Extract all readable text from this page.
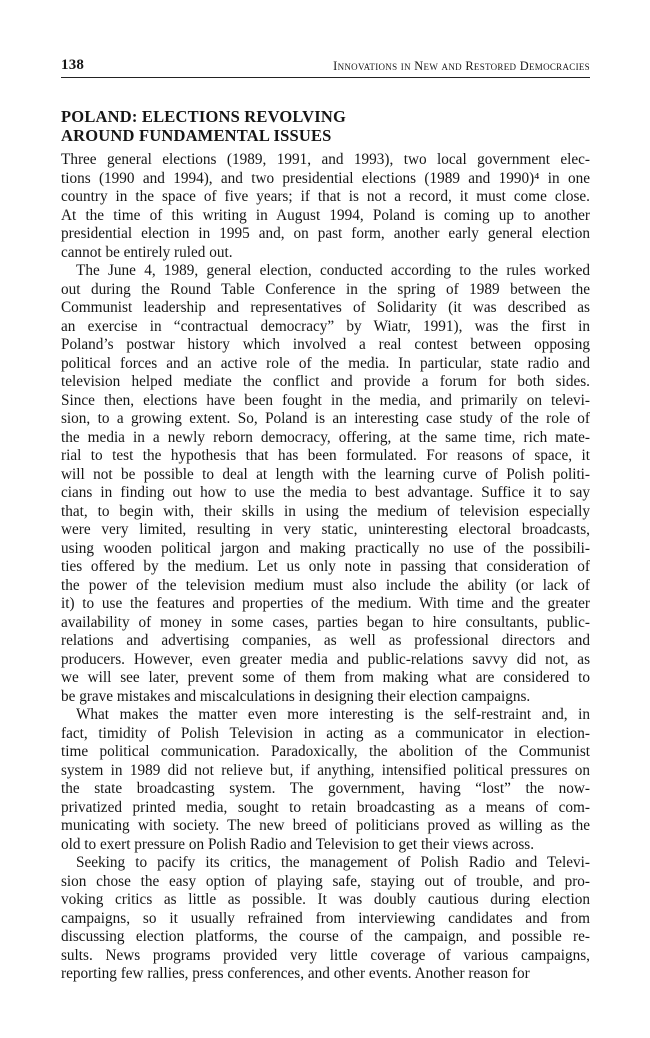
138	Innovations in New and Restored Democracies
POLAND: ELECTIONS REVOLVING
AROUND FUNDAMENTAL ISSUES
Three general elections (1989, 1991, and 1993), two local government elec-
tions (1990 and 1994), and two presidential elections (1989 and 1990)⁴ in one
country in the space of five years; if that is not a record, it must come close.
At the time of this writing in August 1994, Poland is coming up to another
presidential election in 1995 and, on past form, another early general election
cannot be entirely ruled out.
The June 4, 1989, general election, conducted according to the rules worked
out during the Round Table Conference in the spring of 1989 between the
Communist leadership and representatives of Solidarity (it was described as
an exercise in “contractual democracy” by Wiatr, 1991), was the first in
Poland’s postwar history which involved a real contest between opposing
political forces and an active role of the media. In particular, state radio and
television helped mediate the conflict and provide a forum for both sides.
Since then, elections have been fought in the media, and primarily on televi-
sion, to a growing extent. So, Poland is an interesting case study of the role of
the media in a newly reborn democracy, offering, at the same time, rich mate-
rial to test the hypothesis that has been formulated. For reasons of space, it
will not be possible to deal at length with the learning curve of Polish politi-
cians in finding out how to use the media to best advantage. Suffice it to say
that, to begin with, their skills in using the medium of television especially
were very limited, resulting in very static, uninteresting electoral broadcasts,
using wooden political jargon and making practically no use of the possibili-
ties offered by the medium. Let us only note in passing that consideration of
the power of the television medium must also include the ability (or lack of
it) to use the features and properties of the medium. With time and the greater
availability of money in some cases, parties began to hire consultants, public-
relations and advertising companies, as well as professional directors and
producers. However, even greater media and public-relations savvy did not, as
we will see later, prevent some of them from making what are considered to
be grave mistakes and miscalculations in designing their election campaigns.
What makes the matter even more interesting is the self-restraint and, in
fact, timidity of Polish Television in acting as a communicator in election-
time political communication. Paradoxically, the abolition of the Communist
system in 1989 did not relieve but, if anything, intensified political pressures on
the state broadcasting system. The government, having “lost” the now-
privatized printed media, sought to retain broadcasting as a means of com-
municating with society. The new breed of politicians proved as willing as the
old to exert pressure on Polish Radio and Television to get their views across.
Seeking to pacify its critics, the management of Polish Radio and Televi-
sion chose the easy option of playing safe, staying out of trouble, and pro-
voking critics as little as possible. It was doubly cautious during election
campaigns, so it usually refrained from interviewing candidates and from
discussing election platforms, the course of the campaign, and possible re-
sults. News programs provided very little coverage of various campaigns,
reporting few rallies, press conferences, and other events. Another reason for
